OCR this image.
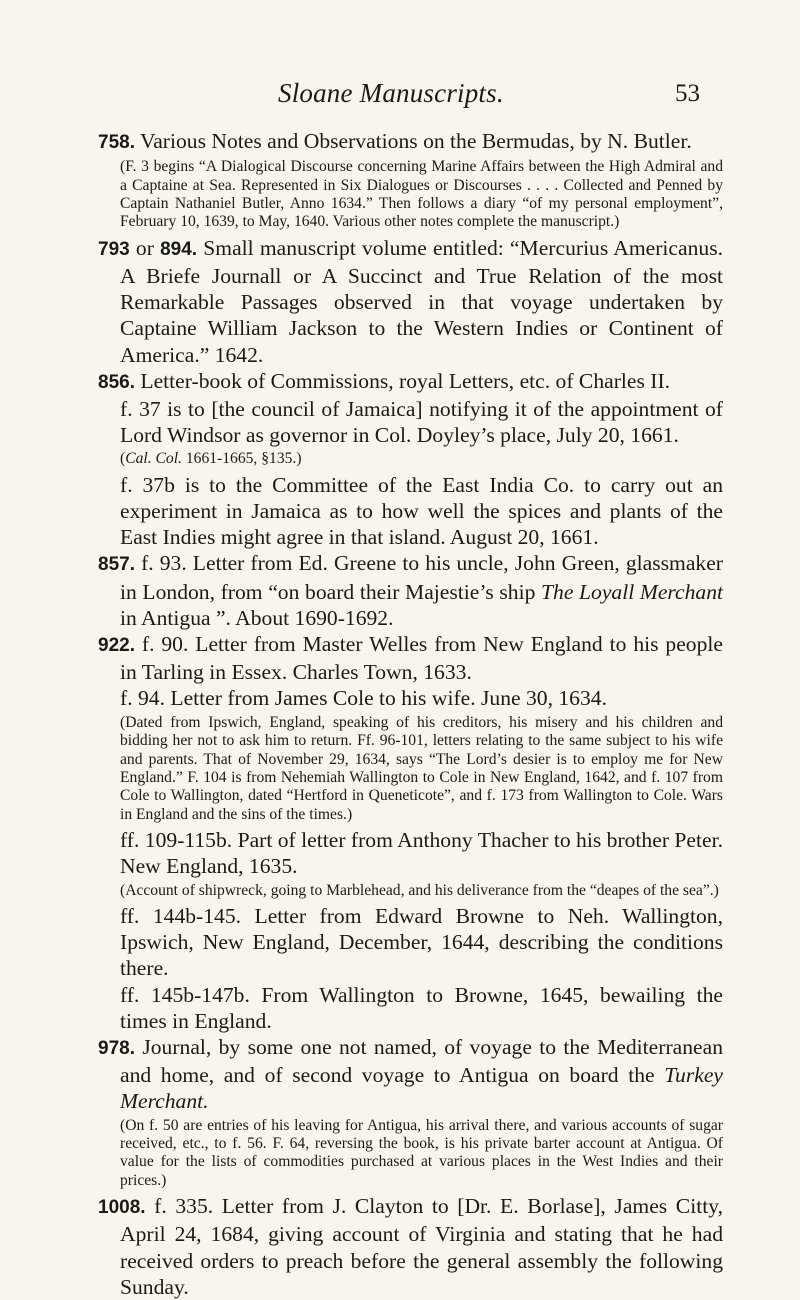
Sloane Manuscripts.	53

758. Various Notes and Observations on the Bermudas, by N. Butler.

(F. 3 begins “A Dialogical Discourse concerning Marine Affairs between the High Admiral and a Captaine at Sea. Represented in Six Dialogues or Discourses . . . . Collected and Penned by Captain Nathaniel Butler, Anno 1634.” Then follows a diary “of my personal employment”, February 10, 1639, to May, 1640. Various other notes complete the manuscript.)

793 or 894. Small manuscript volume entitled: “Mercurius Americanus. A Briefe Journall or A Succinct and True Relation of the most Remarkable Passages observed in that voyage undertaken by Captaine William Jackson to the Western Indies or Continent of America.” 1642.

856. Letter-book of Commissions, royal Letters, etc. of Charles II.

f. 37 is to [the council of Jamaica] notifying it of the appointment of Lord Windsor as governor in Col. Doyley’s place, July 20, 1661.

(Cal. Col. 1661-1665, §135.)

f. 37b is to the Committee of the East India Co. to carry out an experiment in Jamaica as to how well the spices and plants of the East Indies might agree in that island. August 20, 1661.

857. f. 93. Letter from Ed. Greene to his uncle, John Green, glassmaker in London, from “on board their Majestie’s ship The Loyall Merchant in Antigua ”. About 1690-1692.

922. f. 90. Letter from Master Welles from New England to his people in Tarling in Essex. Charles Town, 1633.

f. 94. Letter from James Cole to his wife. June 30, 1634.

(Dated from Ipswich, England, speaking of his creditors, his misery and his children and bidding her not to ask him to return. Ff. 96-101, letters relating to the same subject to his wife and parents. That of November 29, 1634, says “The Lord’s desier is to employ me for New England.” F. 104 is from Nehemiah Wallington to Cole in New England, 1642, and f. 107 from Cole to Wallington, dated “Hertford in Queneticote”, and f. 173 from Wallington to Cole. Wars in England and the sins of the times.)

ff. 109-115b. Part of letter from Anthony Thacher to his brother Peter. New England, 1635.

(Account of shipwreck, going to Marblehead, and his deliverance from the “deapes of the sea”.)

ff. 144b-145. Letter from Edward Browne to Neh. Wallington, Ipswich, New England, December, 1644, describing the conditions there.

ff. 145b-147b. From Wallington to Browne, 1645, bewailing the times in England.

978. Journal, by some one not named, of voyage to the Mediterranean and home, and of second voyage to Antigua on board the Turkey Merchant.

(On f. 50 are entries of his leaving for Antigua, his arrival there, and various accounts of sugar received, etc., to f. 56. F. 64, reversing the book, is his private barter account at Antigua. Of value for the lists of commodities purchased at various places in the West Indies and their prices.)

1008. f. 335. Letter from J. Clayton to [Dr. E. Borlase], James Citty, April 24, 1684, giving account of Virginia and stating that he had received orders to preach before the general assembly the following Sunday.
